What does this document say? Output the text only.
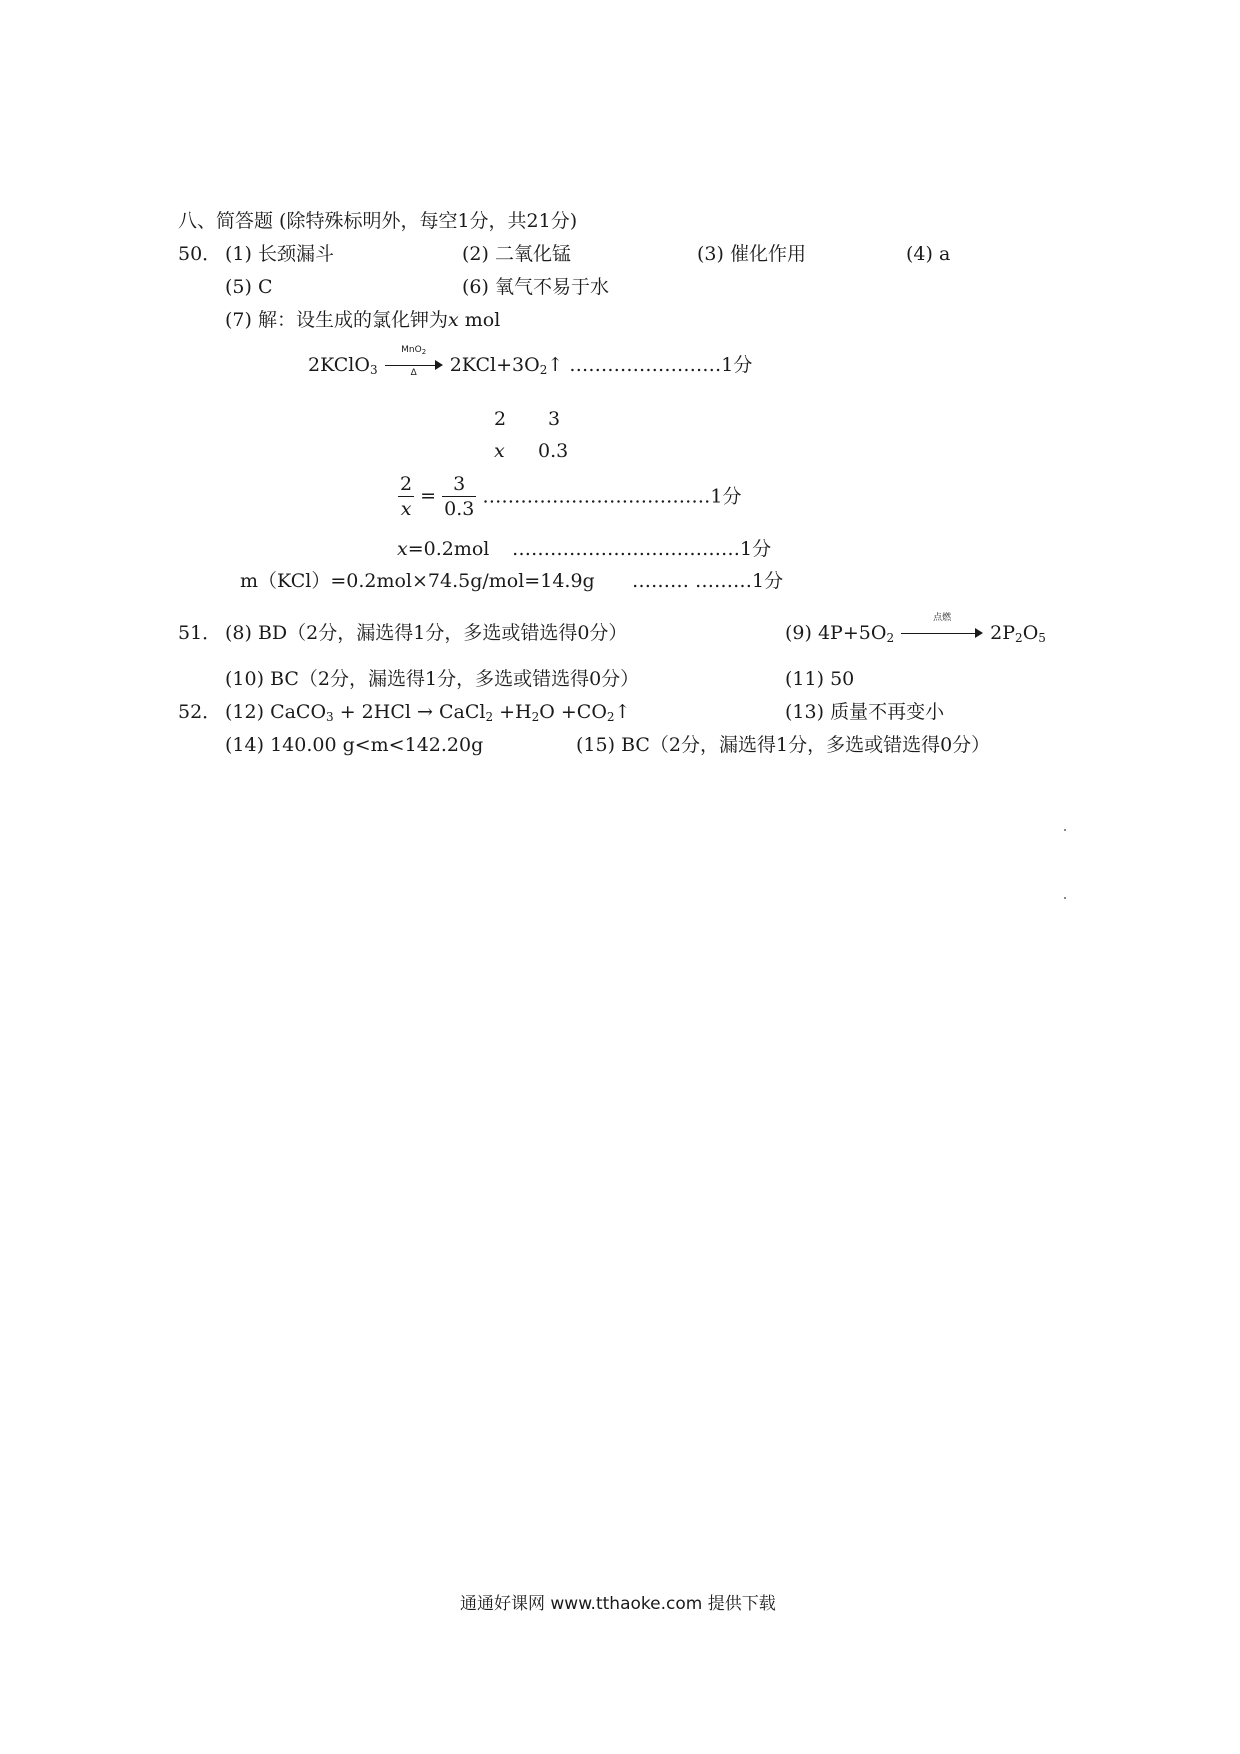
八、简答题 (除特殊标明外，每空1分，共21分)
50． (1) 长颈漏斗	(2) 二氧化锰	(3) 催化作用	(4) a
(5) C	(6) 氧气不易于水
(7) 解：设生成的氯化钾为x mol
2KClO$_3$
MnO$_2$
Δ	$2KCl+3O_2↑$ ……………………1分
2 3
x 0.3
$\frac{2}{x} = \frac{3}{0.3}$ ………………………………1分
x=0.2mol ………………………………1分
m（KCl）=0.2mol×74.5g/mol=14.9g ……… ………1分
51． (8) BD（2分，漏选得1分，多选或错选得0分）	(9) $4P+5O_2$
点燃
$2P_2O_5$
(10) BC（2分，漏选得1分，多选或错选得0分）	(11) 50
52． (12) CaCO$_3$ + 2HCl → CaCl$_2$ $+H_2O$ $+CO_2↑$	(13) 质量不再变小
(14) 140.00 g<m<142.20g	(15) BC（2分，漏选得1分，多选或错选得0分）
通通好课网 www.tthaoke.com 提供下载
